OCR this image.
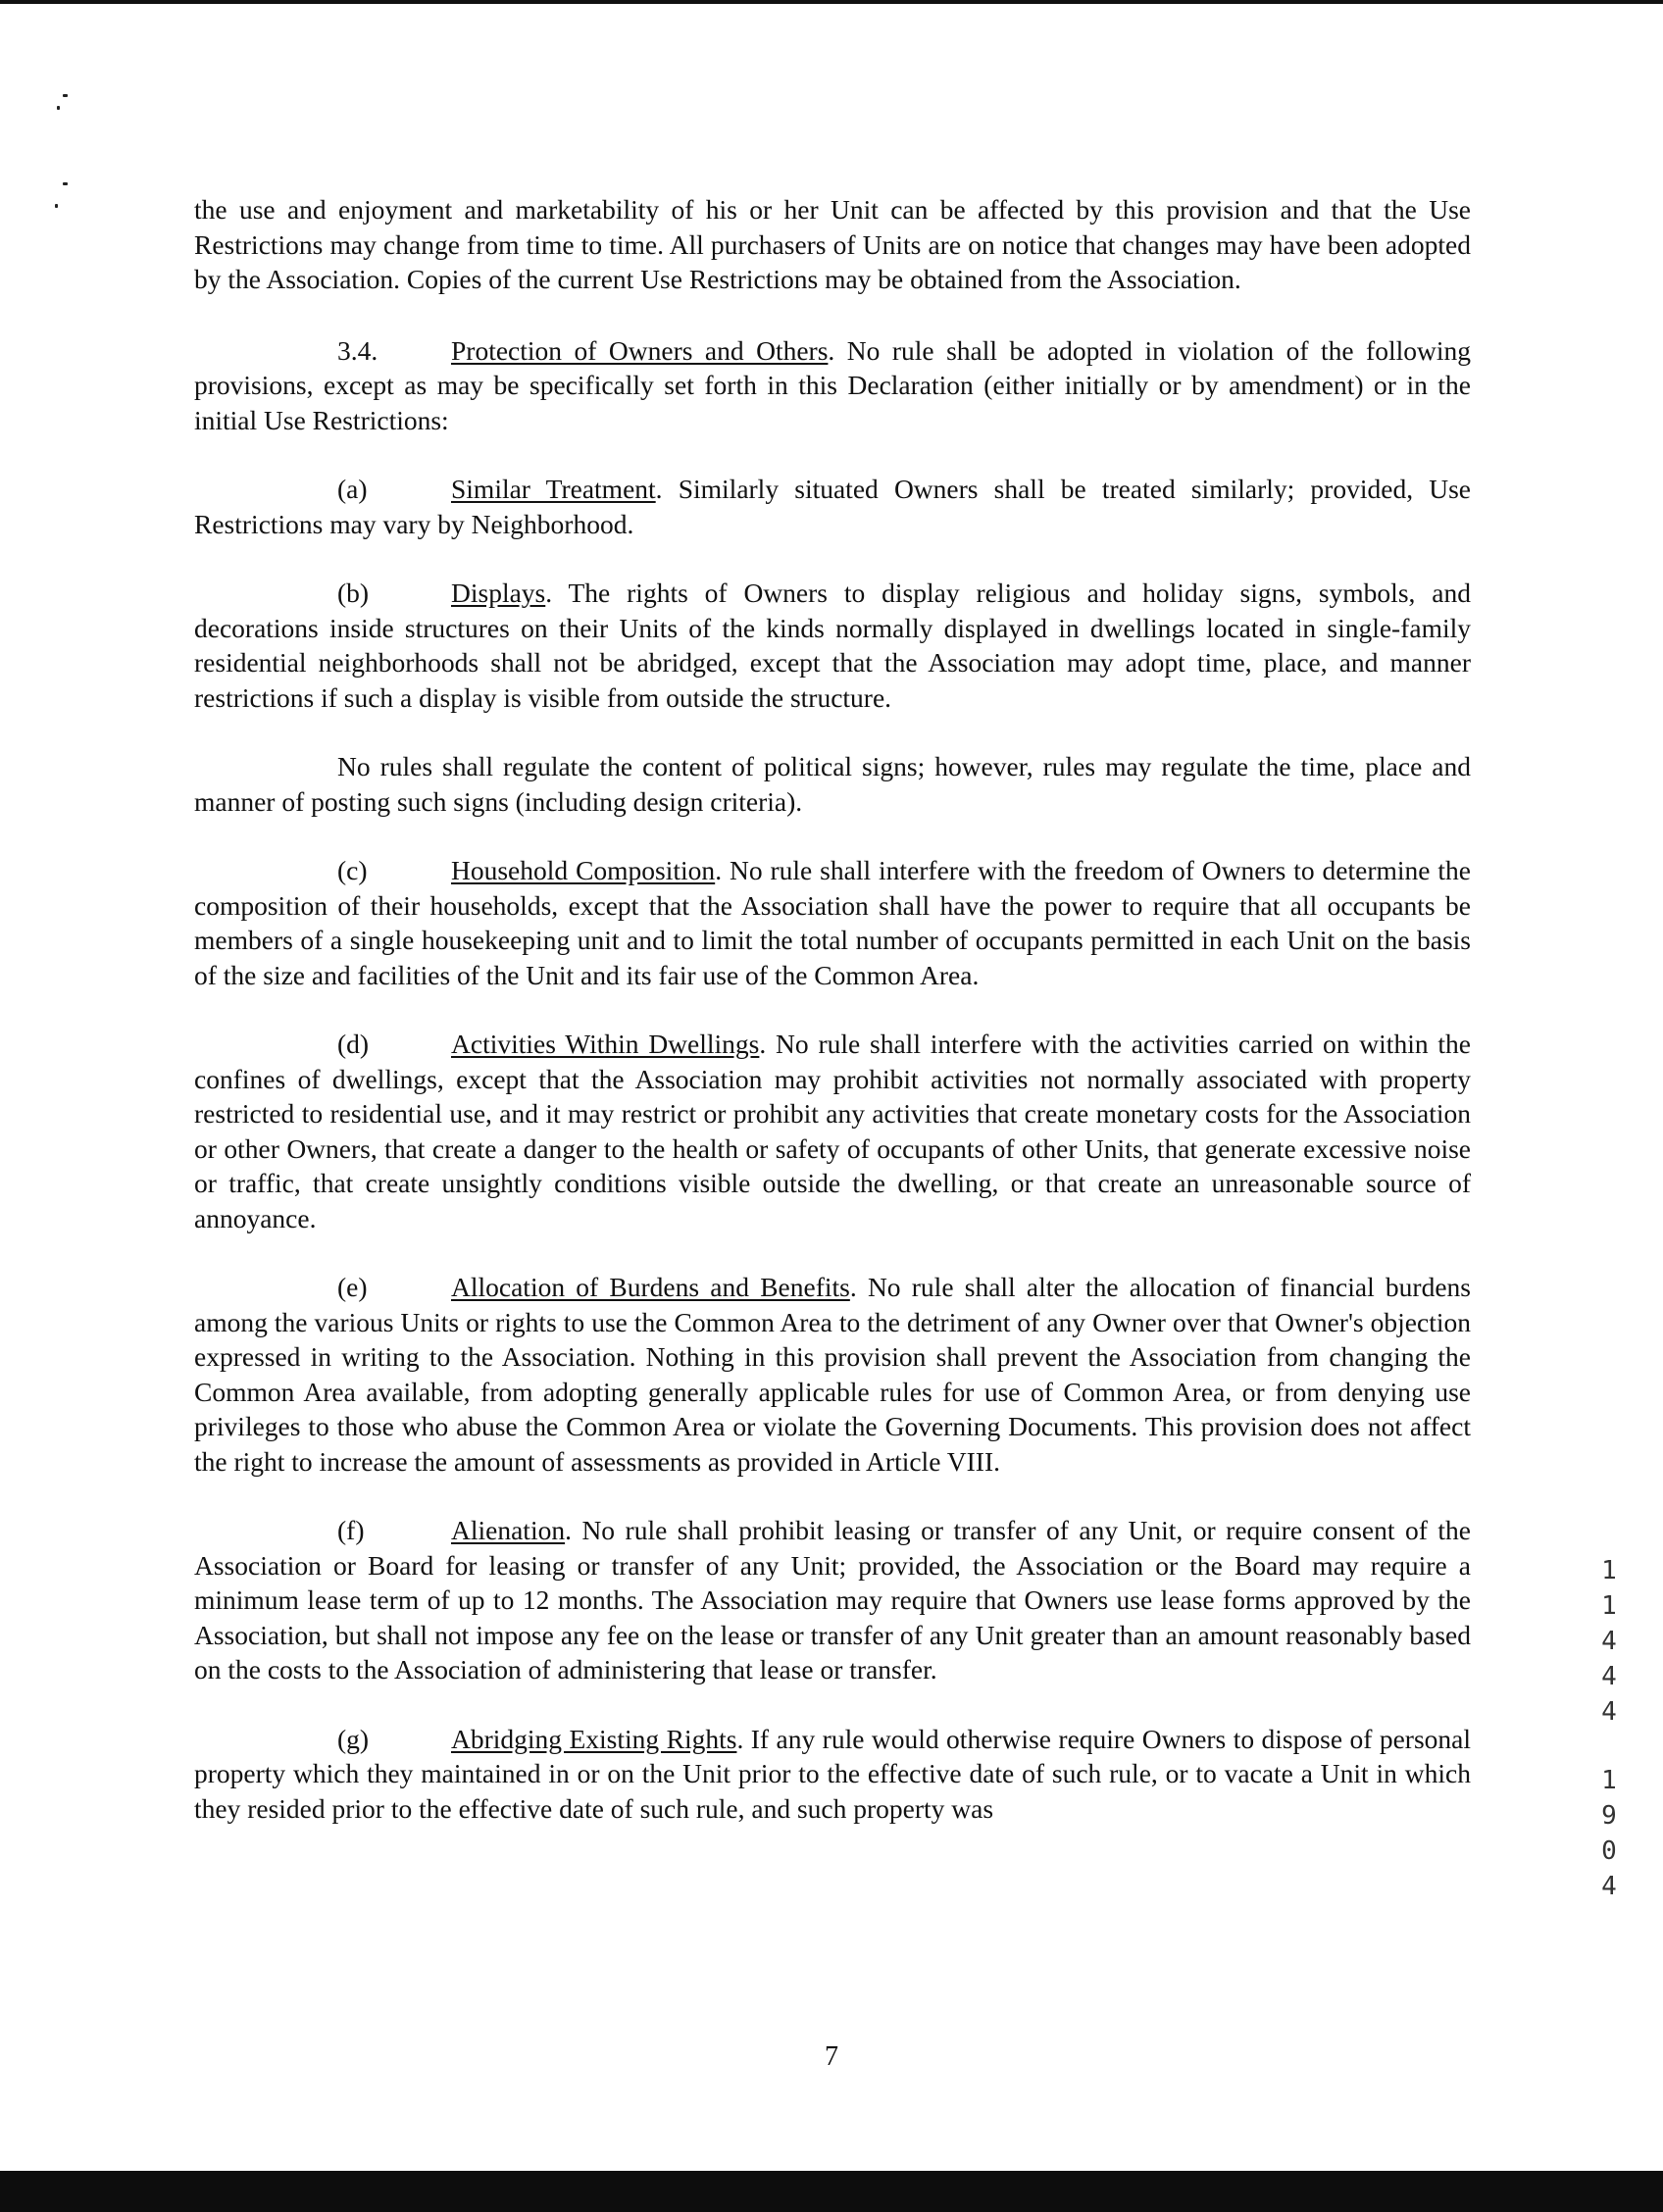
the use and enjoyment and marketability of his or her Unit can be affected by this provision and that the Use Restrictions may change from time to time. All purchasers of Units are on notice that changes may have been adopted by the Association. Copies of the current Use Restrictions may be obtained from the Association.

3.4.	Protection of Owners and Others. No rule shall be adopted in violation of the following provisions, except as may be specifically set forth in this Declaration (either initially or by amendment) or in the initial Use Restrictions:

(a)	Similar Treatment. Similarly situated Owners shall be treated similarly; provided, Use Restrictions may vary by Neighborhood.

(b)	Displays. The rights of Owners to display religious and holiday signs, symbols, and decorations inside structures on their Units of the kinds normally displayed in dwellings located in single-family residential neighborhoods shall not be abridged, except that the Association may adopt time, place, and manner restrictions if such a display is visible from outside the structure.

No rules shall regulate the content of political signs; however, rules may regulate the time, place and manner of posting such signs (including design criteria).

(c)	Household Composition. No rule shall interfere with the freedom of Owners to determine the composition of their households, except that the Association shall have the power to require that all occupants be members of a single housekeeping unit and to limit the total number of occupants permitted in each Unit on the basis of the size and facilities of the Unit and its fair use of the Common Area.

(d)	Activities Within Dwellings. No rule shall interfere with the activities carried on within the confines of dwellings, except that the Association may prohibit activities not normally associated with property restricted to residential use, and it may restrict or prohibit any activities that create monetary costs for the Association or other Owners, that create a danger to the health or safety of occupants of other Units, that generate excessive noise or traffic, that create unsightly conditions visible outside the dwelling, or that create an unreasonable source of annoyance.

(e)	Allocation of Burdens and Benefits. No rule shall alter the allocation of financial burdens among the various Units or rights to use the Common Area to the detriment of any Owner over that Owner's objection expressed in writing to the Association. Nothing in this provision shall prevent the Association from changing the Common Area available, from adopting generally applicable rules for use of Common Area, or from denying use privileges to those who abuse the Common Area or violate the Governing Documents. This provision does not affect the right to increase the amount of assessments as provided in Article VIII.

(f)	Alienation. No rule shall prohibit leasing or transfer of any Unit, or require consent of the Association or Board for leasing or transfer of any Unit; provided, the Association or the Board may require a minimum lease term of up to 12 months. The Association may require that Owners use lease forms approved by the Association, but shall not impose any fee on the lease or transfer of any Unit greater than an amount reasonably based on the costs to the Association of administering that lease or transfer.

(g)	Abridging Existing Rights. If any rule would otherwise require Owners to dispose of personal property which they maintained in or on the Unit prior to the effective date of such rule, or to vacate a Unit in which they resided prior to the effective date of such rule, and such property was

1
1
4
4
4
1
9
0
4
7
